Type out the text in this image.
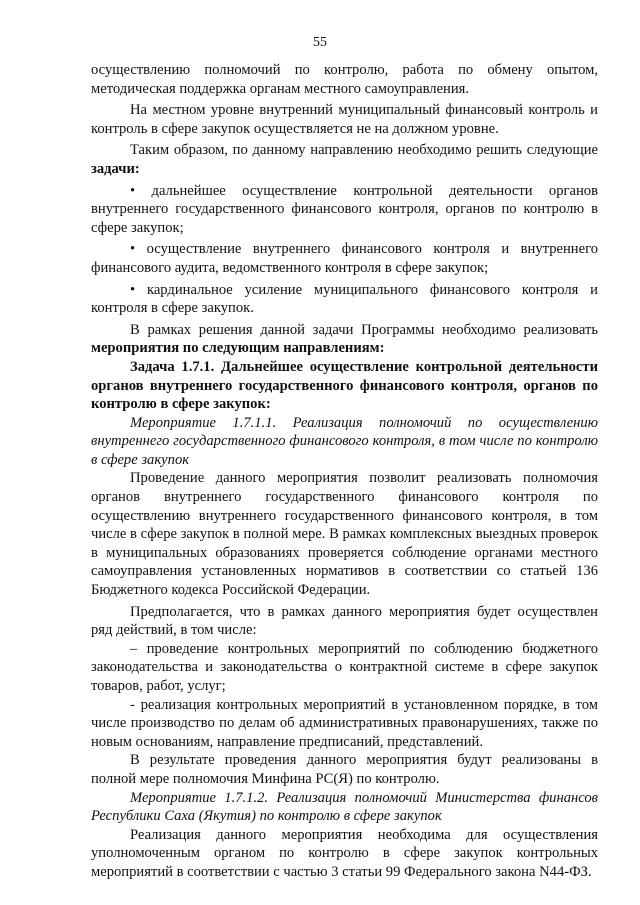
55

осуществлению полномочий по контролю, работа по обмену опытом, методическая поддержка органам местного самоуправления.

На местном уровне внутренний муниципальный финансовый контроль и контроль в сфере закупок осуществляется не на должном уровне.

Таким образом, по данному направлению необходимо решить следующие задачи:

• дальнейшее осуществление контрольной деятельности органов внутреннего государственного финансового контроля, органов по контролю в сфере закупок;

• осуществление внутреннего финансового контроля и внутреннего финансового аудита, ведомственного контроля в сфере закупок;

• кардинальное усиление муниципального финансового контроля и контроля в сфере закупок.

В рамках решения данной задачи Программы необходимо реализовать мероприятия по следующим направлениям:

Задача 1.7.1. Дальнейшее осуществление контрольной деятельности органов внутреннего государственного финансового контроля, органов по контролю в сфере закупок:

Мероприятие 1.7.1.1. Реализация полномочий по осуществлению внутреннего государственного финансового контроля, в том числе по контролю в сфере закупок

Проведение данного мероприятия позволит реализовать полномочия органов внутреннего государственного финансового контроля по осуществлению внутреннего государственного финансового контроля, в том числе в сфере закупок в полной мере. В рамках комплексных выездных проверок в муниципальных образованиях проверяется соблюдение органами местного самоуправления установленных нормативов в соответствии со статьей 136 Бюджетного кодекса Российской Федерации.

Предполагается, что в рамках данного мероприятия будет осуществлен ряд действий, в том числе:

– проведение контрольных мероприятий по соблюдению бюджетного законодательства и законодательства о контрактной системе в сфере закупок товаров, работ, услуг;

- реализация контрольных мероприятий в установленном порядке, в том числе производство по делам об административных правонарушениях, также по новым основаниям, направление предписаний, представлений.

В результате проведения данного мероприятия будут реализованы в полной мере полномочия Минфина РС(Я) по контролю.

Мероприятие 1.7.1.2. Реализация полномочий Министерства финансов Республики Саха (Якутия) по контролю в сфере закупок

Реализация данного мероприятия необходима для осуществления уполномоченным органом по контролю в сфере закупок контрольных мероприятий в соответствии с частью 3 статьи 99 Федерального закона N44-ФЗ.
